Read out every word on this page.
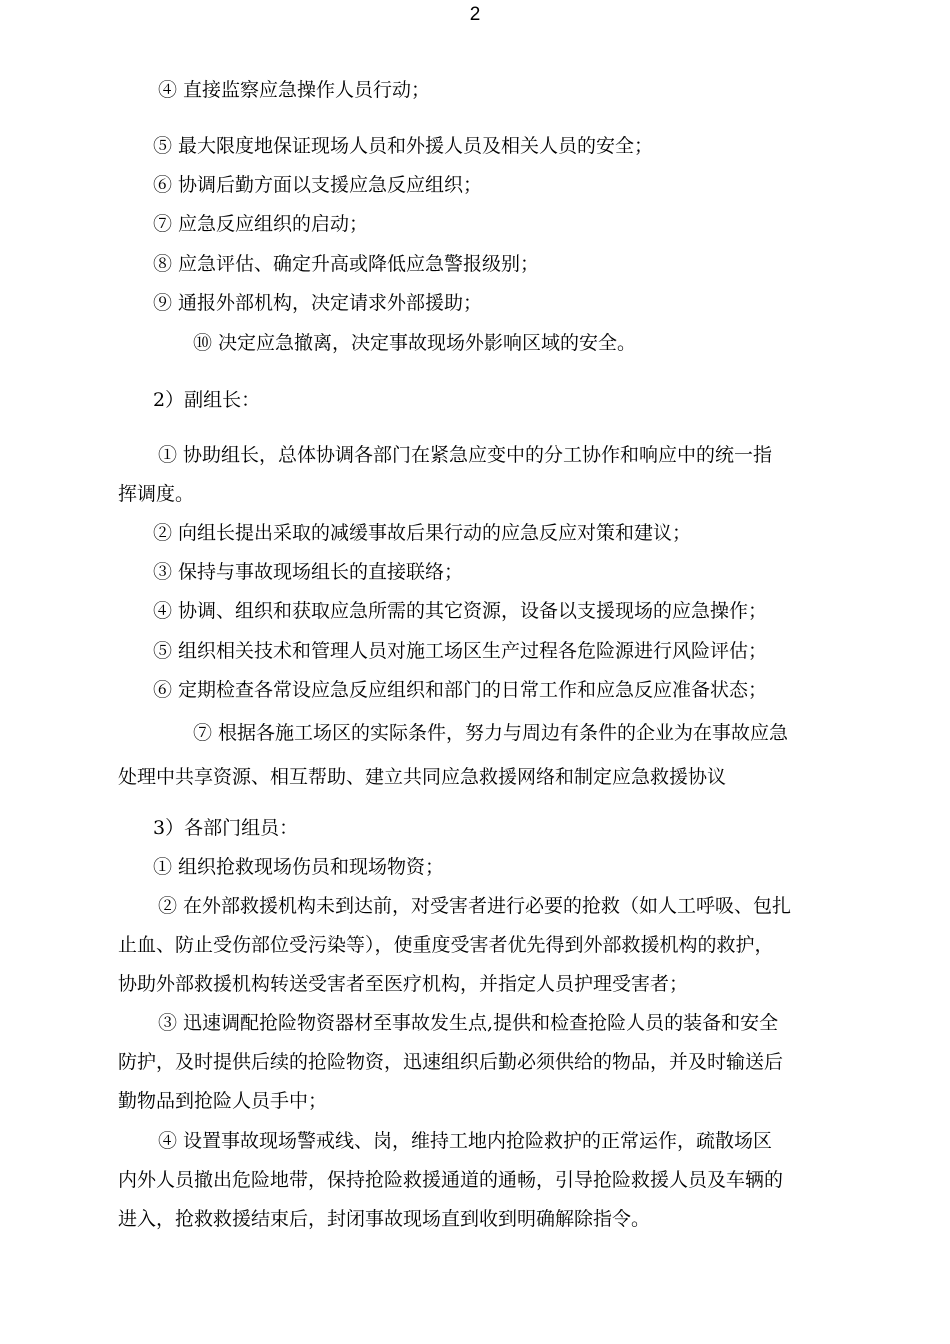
2
④ 直接监察应急操作人员行动；
⑤ 最大限度地保证现场人员和外援人员及相关人员的安全；
⑥ 协调后勤方面以支援应急反应组织；
⑦ 应急反应组织的启动；
⑧ 应急评估、确定升高或降低应急警报级别；
⑨ 通报外部机构，决定请求外部援助；
⑩ 决定应急撤离，决定事故现场外影响区域的安全。
2）副组长：
① 协助组长，总体协调各部门在紧急应变中的分工协作和响应中的统一指
挥调度。
② 向组长提出采取的减缓事故后果行动的应急反应对策和建议；
③ 保持与事故现场组长的直接联络；
④ 协调、组织和获取应急所需的其它资源，设备以支援现场的应急操作；
⑤ 组织相关技术和管理人员对施工场区生产过程各危险源进行风险评估；
⑥ 定期检查各常设应急反应组织和部门的日常工作和应急反应准备状态；
⑦ 根据各施工场区的实际条件，努力与周边有条件的企业为在事故应急
处理中共享资源、相互帮助、建立共同应急救援网络和制定应急救援协议
3）各部门组员：
① 组织抢救现场伤员和现场物资；
② 在外部救援机构未到达前，对受害者进行必要的抢救（如人工呼吸、包扎
止血、防止受伤部位受污染等），使重度受害者优先得到外部救援机构的救护，
协助外部救援机构转送受害者至医疗机构，并指定人员护理受害者；
③ 迅速调配抢险物资器材至事故发生点,提供和检查抢险人员的装备和安全
防护，及时提供后续的抢险物资，迅速组织后勤必须供给的物品，并及时输送后
勤物品到抢险人员手中；
④ 设置事故现场警戒线、岗，维持工地内抢险救护的正常运作，疏散场区
内外人员撤出危险地带，保持抢险救援通道的通畅，引导抢险救援人员及车辆的
进入，抢救救援结束后，封闭事故现场直到收到明确解除指令。
